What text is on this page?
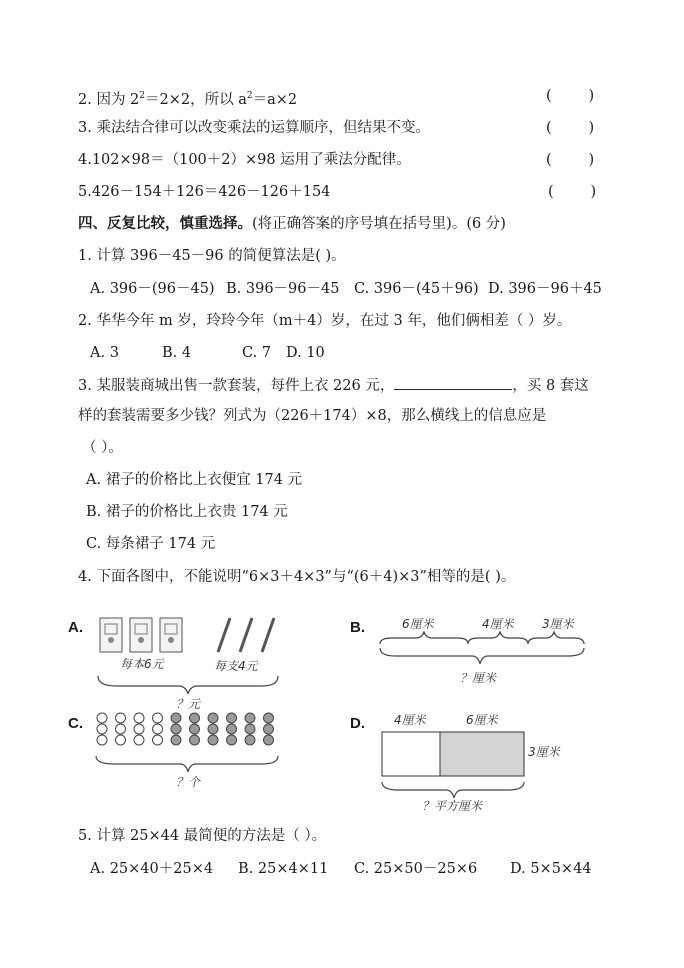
2. 因为 $2^2=2\times 2$，所以 $a^2=a\times 2$	(        )
3. 乘法结合律可以改变乘法的运算顺序，但结果不变。	(        )
4.102×98＝（100＋2）×98 运用了乘法分配律。	(        )
5.426－154＋126＝426－126＋154	(        )
四、反复比较，慎重选择。(将正确答案的序号填在括号里)。(6 分)
1. 计算 396－45－96 的简便算法是( )。
A. 396－(96－45) B. 396－96－45 C. 396－(45＋96) D. 396－96＋45
2. 华华今年 m 岁，玲玲今年（m＋4）岁，在过 3 年，他们俩相差（ ）岁。
A. 3	B. 4	C. 7 D. 10
3. 某服装商城出售一款套装，每件上衣 226 元，	，买 8 套这
样的套装需要多少钱？列式为（226＋174）×8，那么横线上的信息应是
（ ）。
A. 裙子的价格比上衣便宜 174 元
B. 裙子的价格比上衣贵 174 元
C. 每条裙子 174 元
4. 下面各图中，不能说明“6×3＋4×3”与“(6＋4)×3”相等的是( )。
A.
每本6元	每支4元
？元
B.	6厘米	4厘米 3厘米
？厘米
C.
？个
D. 4厘米	6厘米
3厘米
？平方厘米
5. 计算 25×44 最简便的方法是（ ）。
A. 25×40＋25×4 B. 25×4×11 C. 25×50－25×6 D. 5×5×44
